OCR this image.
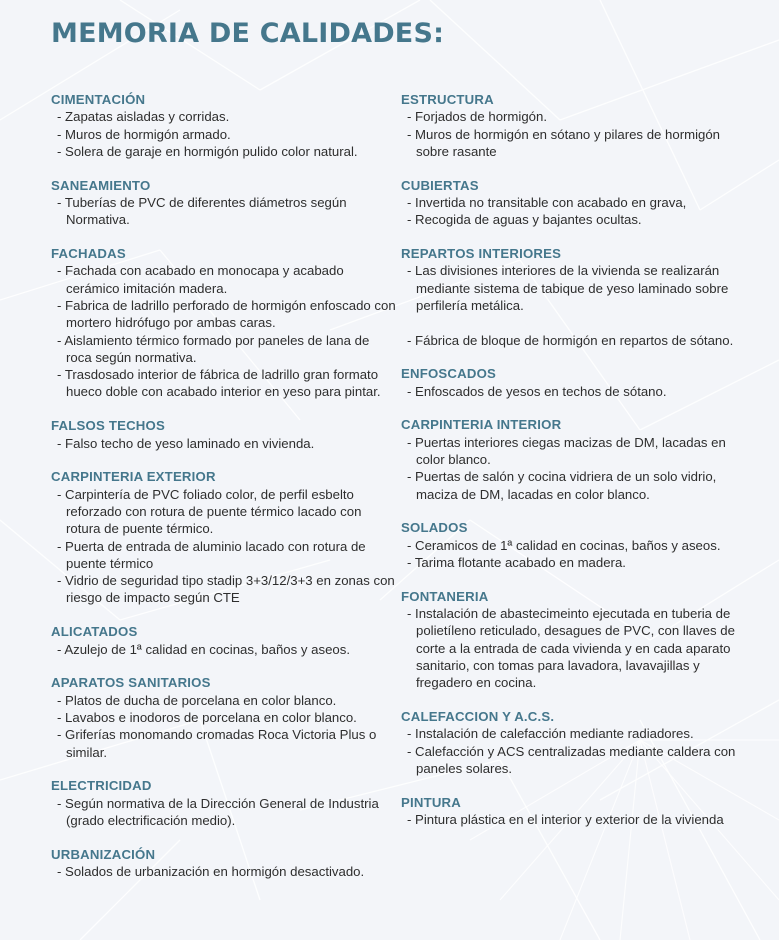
MEMORIA DE CALIDADES:
CIMENTACIÓN
- Zapatas aisladas y corridas.
- Muros de hormigón armado.
- Solera de garaje en hormigón pulido color natural.
SANEAMIENTO
- Tuberías de PVC de diferentes diámetros según Normativa.
FACHADAS
- Fachada con acabado en monocapa y acabado cerámico imitación madera.
- Fabrica de ladrillo perforado de hormigón enfoscado con mortero hidrófugo por ambas caras.
- Aislamiento térmico formado por paneles de lana de roca según normativa.
- Trasdosado interior de fábrica de ladrillo gran formato hueco doble con acabado interior en yeso para pintar.
FALSOS TECHOS
- Falso techo de yeso laminado en vivienda.
CARPINTERIA EXTERIOR
- Carpintería de PVC foliado color, de perfil esbelto reforzado con rotura de puente térmico lacado con rotura de puente térmico.
- Puerta de entrada de aluminio lacado con rotura de puente térmico
- Vidrio de seguridad tipo stadip 3+3/12/3+3 en zonas con riesgo de impacto según CTE
ALICATADOS
- Azulejo de 1ª calidad en cocinas, baños y aseos.
APARATOS SANITARIOS
- Platos de ducha de porcelana en color blanco.
- Lavabos e inodoros de porcelana en color blanco.
- Griferías monomando cromadas Roca Victoria Plus o similar.
ELECTRICIDAD
- Según normativa de la Dirección General de Industria (grado electrificación medio).
URBANIZACIÓN
- Solados de urbanización en hormigón desactivado.
ESTRUCTURA
- Forjados de hormigón.
- Muros de hormigón en sótano y pilares de hormigón sobre rasante
CUBIERTAS
- Invertida no transitable con acabado en grava,
- Recogida de aguas y bajantes ocultas.
REPARTOS INTERIORES
- Las divisiones interiores de la vivienda se realizarán mediante sistema de tabique de yeso laminado sobre perfilería metálica.
- Fábrica de bloque de hormigón en repartos de sótano.
ENFOSCADOS
- Enfoscados de yesos en techos de sótano.
CARPINTERIA INTERIOR
- Puertas interiores ciegas macizas de DM, lacadas en color blanco.
- Puertas de salón y cocina vidriera de un solo vidrio, maciza de DM, lacadas en color blanco.
SOLADOS
- Ceramicos de 1ª calidad en cocinas, baños y aseos.
- Tarima flotante acabado en madera.
FONTANERIA
- Instalación de abastecimeinto ejecutada en tuberia de polietíleno reticulado, desagues de PVC, con llaves de corte a la entrada de cada vivienda y en cada aparato sanitario, con tomas para lavadora, lavavajillas y fregadero en cocina.
CALEFACCION Y A.C.S.
- Instalación de calefacción mediante radiadores.
- Calefacción y ACS centralizadas mediante caldera con paneles solares.
PINTURA
- Pintura plástica en el interior y exterior de la vivienda
